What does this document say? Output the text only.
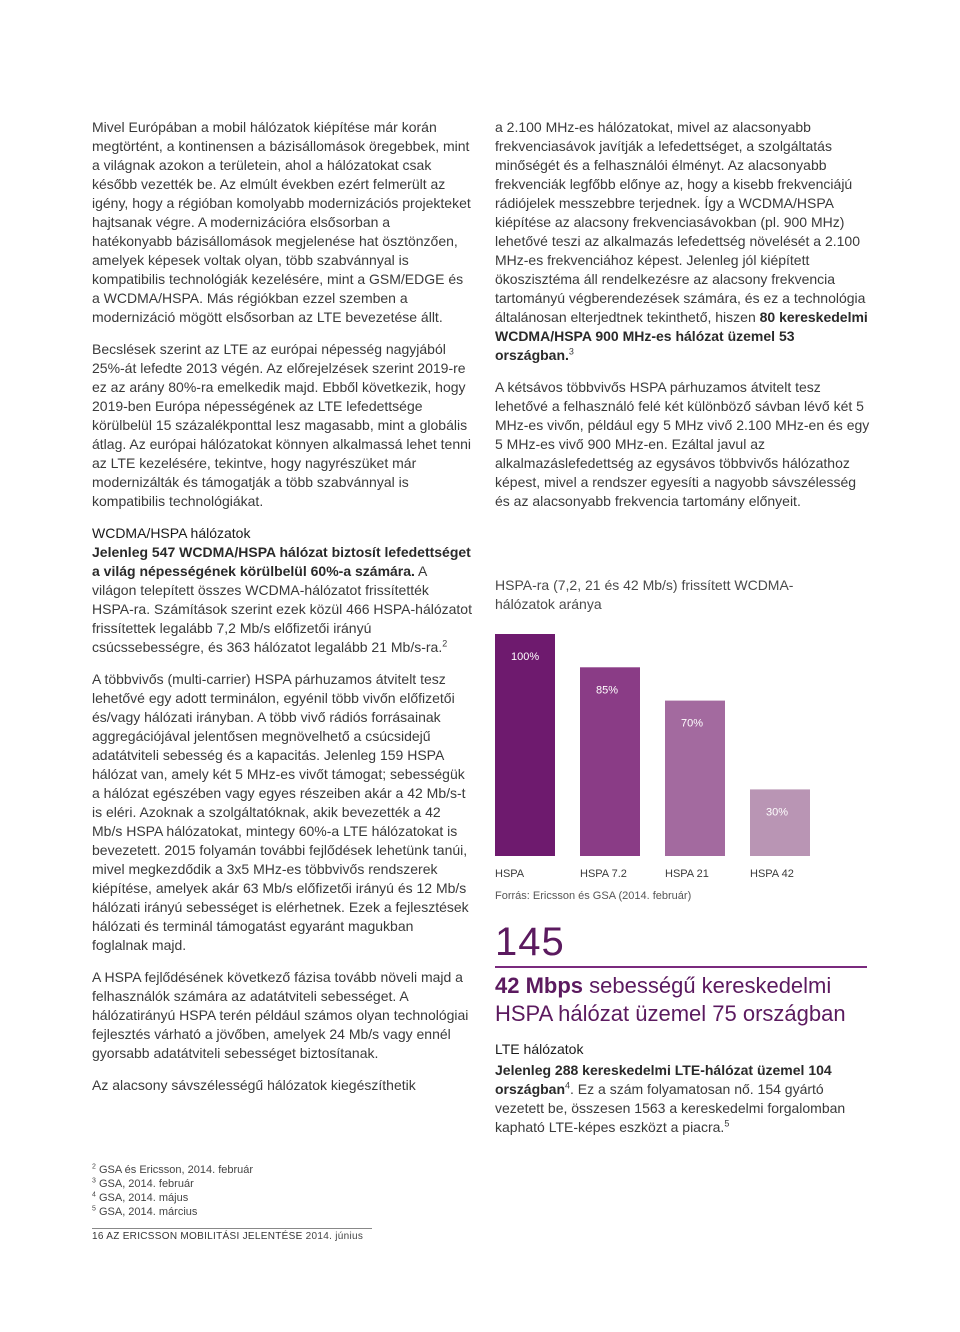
Mivel Európában a mobil hálózatok kiépítése már korán megtörtént, a kontinensen a bázisállomások öregebbek, mint a világnak azokon a területein, ahol a hálózatokat csak később vezették be. Az elmúlt években ezért felmerült az igény, hogy a régióban komolyabb modernizációs projekteket hajtsanak végre. A modernizációra elsősorban a hatékonyabb bázisállomások megjelenése hat ösztönzően, amelyek képesek voltak olyan, több szabvánnyal is kompatibilis technológiák kezelésére, mint a GSM/EDGE és a WCDMA/HSPA. Más régiókban ezzel szemben a modernizáció mögött elsősorban az LTE bevezetése állt.

Becslések szerint az LTE az európai népesség nagyjából 25%-át lefedte 2013 végén. Az előrejelzések szerint 2019-re ez az arány 80%-ra emelkedik majd. Ebből következik, hogy 2019-ben Európa népességének az LTE lefedettsége körülbelül 15 százalékponttal lesz magasabb, mint a globális átlag. Az európai hálózatokat könnyen alkalmassá lehet tenni az LTE kezelésére, tekintve, hogy nagyrészüket már modernizálták és támogatják a több szabvánnyal is kompatibilis technológiákat.

WCDMA/HSPA hálózatok
Jelenleg 547 WCDMA/HSPA hálózat biztosít lefedettséget a világ népességének körülbelül 60%-a számára. A világon telepített összes WCDMA-hálózatot frissítették HSPA-ra. Számítások szerint ezek közül 466 HSPA-hálózatot frissítettek legalább 7,2 Mb/s előfizetői irányú csúcssebességre, és 363 hálózatot legalább 21 Mb/s-ra.$^2$

A többvivős (multi-carrier) HSPA párhuzamos átvitelt tesz lehetővé egy adott terminálon, egyénil több vivőn előfizetői és/vagy hálózati irányban. A több vivő rádiós forrásainak aggregációjával jelentősen megnövelhető a csúcsidejű adatátviteli sebesség és a kapacitás. Jelenleg 159 HSPA hálózat van, amely két 5 MHz-es vivőt támogat; sebességük a hálózat egészében vagy egyes részeiben akár a 42 Mb/s-t is eléri. Azoknak a szolgáltatóknak, akik bevezették a 42 Mb/s HSPA hálózatokat, mintegy 60%-a LTE hálózatokat is bevezetett. 2015 folyamán további fejlődések lehetünk tanúi, mivel megkezdődik a 3x5 MHz-es többvivős rendszerek kiépítése, amelyek akár 63 Mb/s előfizetői irányú és 12 Mb/s hálózati irányú sebességet is elérhetnek. Ezek a fejlesztések hálózati és terminál támogatást egyaránt magukban foglalnak majd.

A HSPA fejlődésének következő fázisa tovább növeli majd a felhasználók számára az adatátviteli sebességet. A hálózatirányú HSPA terén például számos olyan technológiai fejlesztés várható a jövőben, amelyek 24 Mb/s vagy ennél gyorsabb adatátviteli sebességet biztosítanak.

Az alacsony sávszélességű hálózatok kiegészíthetik

a 2.100 MHz-es hálózatokat, mivel az alacsonyabb frekvenciasávok javítják a lefedettséget, a szolgáltatás minőségét és a felhasználói élményt. Az alacsonyabb frekvenciák legfőbb előnye az, hogy a kisebb frekvenciájú rádiójelek messzebbre terjednek. Így a WCDMA/HSPA kiépítése az alacsony frekvenciasávokban (pl. 900 MHz) lehetővé teszi az alkalmazás lefedettség növelését a 2.100 MHz-es frekvenciához képest. Jelenleg jól kiépített ökoszisztéma áll rendelkezésre az alacsony frekvencia tartományú végberendezések számára, és ez a technológia általánosan elterjedtnek tekinthető, hiszen 80 kereskedelmi WCDMA/HSPA 900 MHz-es hálózat üzemel 53 országban.$^3$

A kétsávos többvivős HSPA párhuzamos átvitelt tesz lehetővé a felhasználó felé két különböző sávban lévő két 5 MHz-es vivőn, például egy 5 MHz vivő 2.100 MHz-en és egy 5 MHz-es vivő 900 MHz-en. Ezáltal javul az alkalmazáslefedettség az egysávos többvivős hálózathoz képest, mivel a rendszer egyesíti a nagyobb sávszélesség és az alacsonyabb frekvencia tartomány előnyeit.

HSPA-ra (7,2, 21 és 42 Mb/s) frissített WCDMA-hálózatok aránya
100%
HSPA
85%
HSPA 7.2
70%
HSPA 21
30%
HSPA 42
Forrás: Ericsson és GSA (2014. február)
145
42 Mbps sebességű kereskedelmi HSPA hálózat üzemel 75 országban
LTE hálózatok
Jelenleg 288 kereskedelmi LTE-hálózat üzemel 104 országban$^4$. Ez a szám folyamatosan nő. 154 gyártó vezetett be, összesen 1563 a kereskedelmi forgalomban kapható LTE-képes eszközt a piacra.$^5$
$^2$ GSA és Ericsson, 2014. február
$^3$ GSA, 2014. február
$^4$ GSA, 2014. május
$^5$ GSA, 2014. március
16 AZ ERICSSON MOBILITÁSI JELENTÉSE 2014. június
